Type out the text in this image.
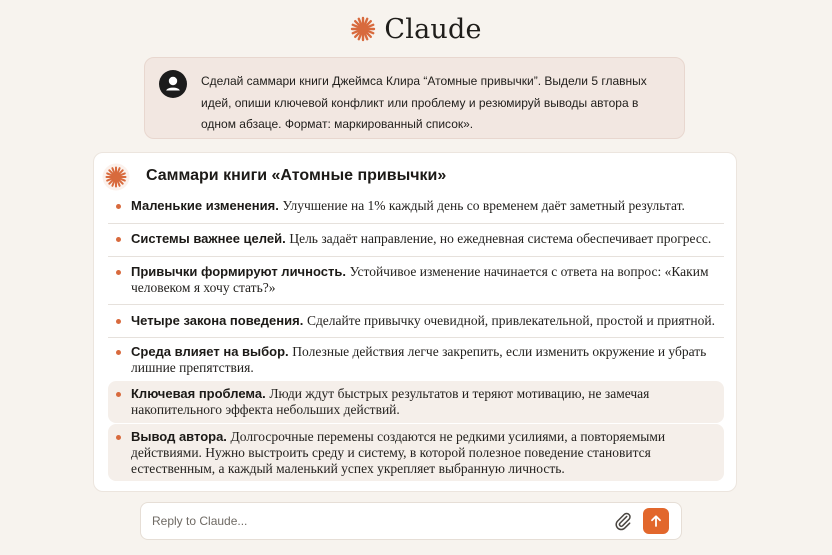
Claude
Сделай саммари книги Джеймса Клира “Атомные привычки”. Выдели 5 главных идей, опиши ключевой конфликт или проблему и резюмируй выводы автора в одном абзаце. Формат: маркированный список».
Саммари книги «Атомные привычки»
Маленькие изменения. Улучшение на 1% каждый день со временем даёт заметный результат.
Системы важнее целей. Цель задаёт направление, но ежедневная система обеспечивает прогресс.
Привычки формируют личность. Устойчивое изменение начинается с ответа на вопрос: «Каким человеком я хочу стать?»
Четыре закона поведения. Сделайте привычку очевидной, привлекательной, простой и приятной.
Среда влияет на выбор. Полезные действия легче закрепить, если изменить окружение и убрать лишние препятствия.
Ключевая проблема. Люди ждут быстрых результатов и теряют мотивацию, не замечая накопительного эффекта небольших действий.
Вывод автора. Долгосрочные перемены создаются не редкими усилиями, а повторяемыми действиями. Нужно выстроить среду и систему, в которой полезное поведение становится естественным, а каждый маленький успех укрепляет выбранную личность.
Reply to Claude...
